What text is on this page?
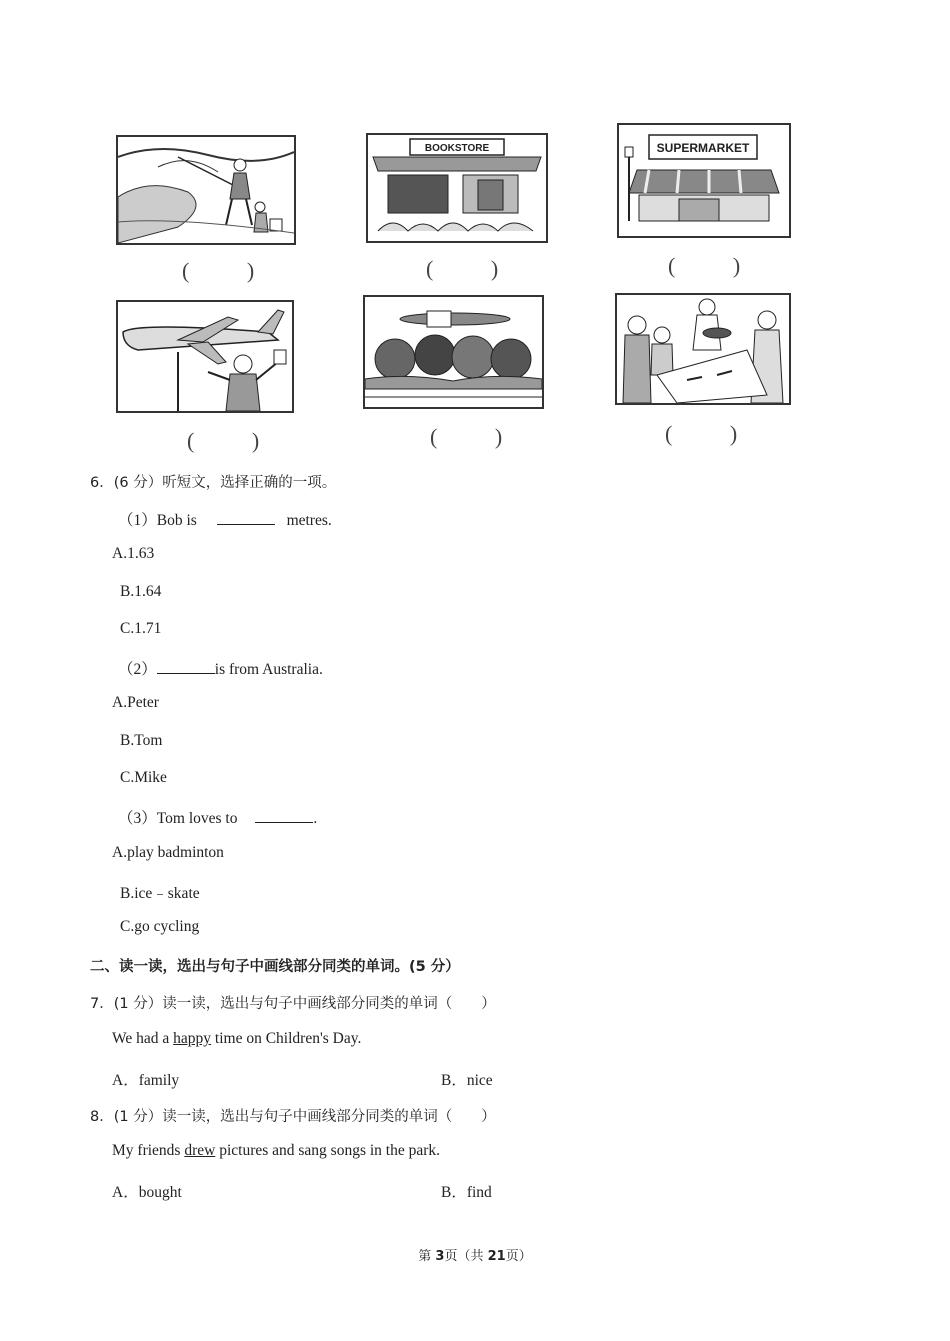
( )
BOOKSTORE
( )
SUPERMARKET
( )
( )	( )	( )
6．(6 分）听短文，选择正确的一项。
（1）Bob is	metres.
A.1.63
B.1.64
C.1.71
（2）	is from Australia.
A.Peter
B.Tom
C.Mike
（3）Tom loves to	.
A.play badminton
B.ice﹣skate
C.go cycling
二、读一读，选出与句子中画线部分同类的单词。(5 分）
7．(1 分）读一读，选出与句子中画线部分同类的单词（　　）
We had a happy time on Children's Day.
A．family	B．nice
8．(1 分）读一读，选出与句子中画线部分同类的单词（　　）
My friends drew pictures and sang songs in the park.
A．bought	B．find
第 3页（共 21页）
